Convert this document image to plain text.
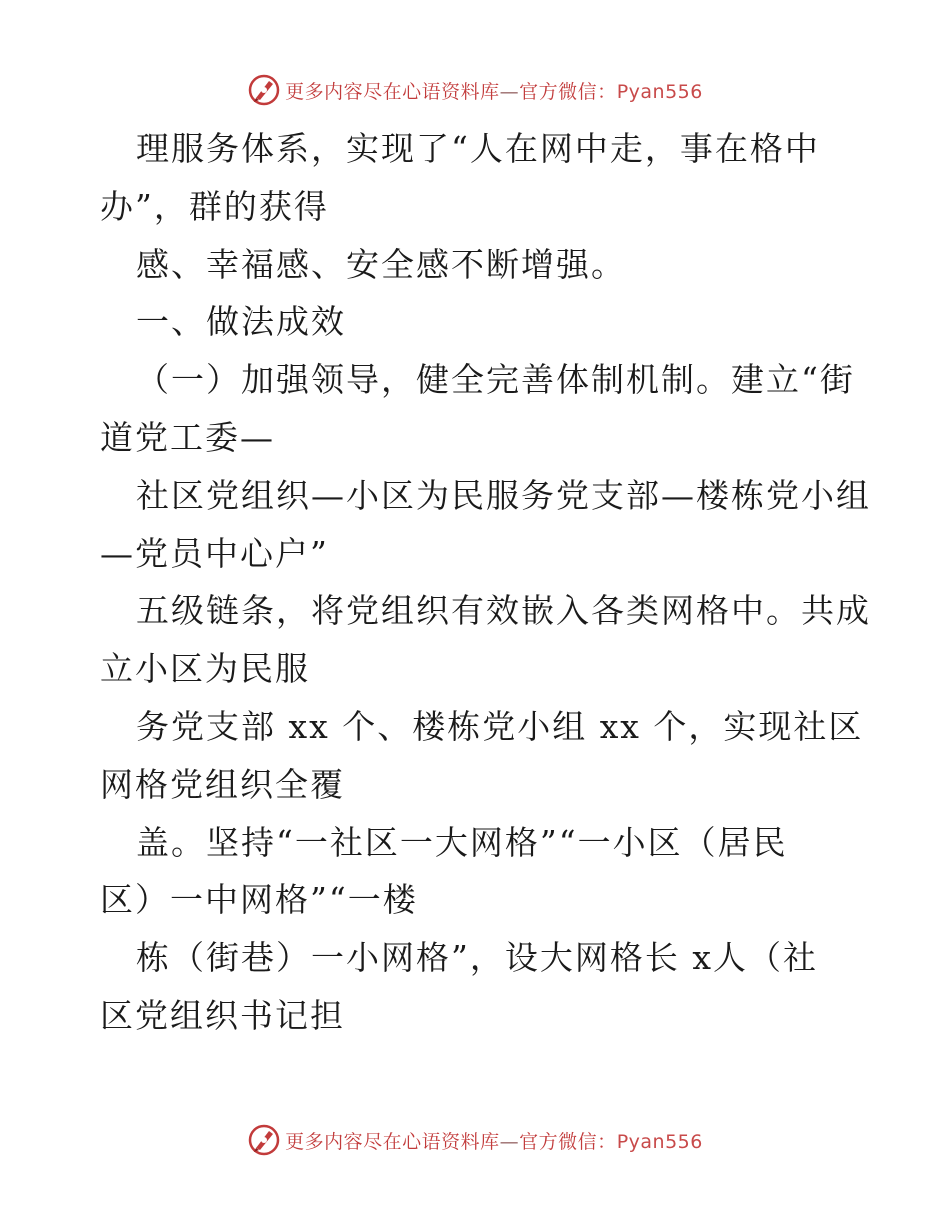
更多内容尽在心语资料库—官方微信：Pyan556
理服务体系，实现了“人在网中走，事在格中
办”，群的获得
感、幸福感、安全感不断增强。
一、做法成效
（一）加强领导，健全完善体制机制。建立“街
道党工委—
社区党组织—小区为民服务党支部—楼栋党小组
—党员中心户”
五级链条，将党组织有效嵌入各类网格中。共成
立小区为民服
务党支部 xx 个、楼栋党小组 xx 个，实现社区
网格党组织全覆
盖。坚持“一社区一大网格”“一小区（居民
区）一中网格”“一楼
栋（街巷）一小网格”，设大网格长 x人（社
区党组织书记担
更多内容尽在心语资料库—官方微信：Pyan556
